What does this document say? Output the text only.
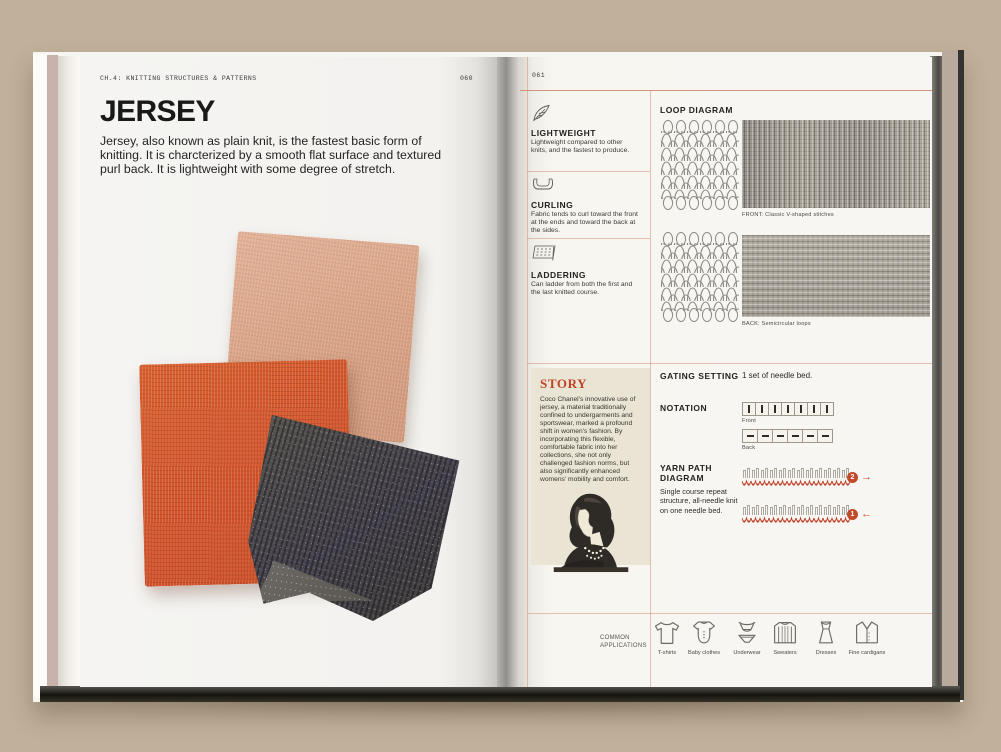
CH.4: KNITTING STRUCTURES & PATTERNS	060
JERSEY
Jersey, also known as plain knit, is the fastest basic form of knitting. It is charcterized by a smooth flat surface and textured purl back. It is lightweight with some degree of stretch.
061
LIGHTWEIGHT
Lightweight compared to other knits, and the fastest to produce.
CURLING
Fabric tends to curl toward the front at the ends and toward the back at the sides.
LADDERING
Can ladder from both the first and the last knitted course.
STORY
Coco Chanel's innovative use of jersey, a material traditionally confined to undergarments and sportswear, marked a profound shift in women's fashion. By incorporating this flexible, comfortable fabric into her collections, she not only challenged fashion norms, but also significantly enhanced womens' mobility and comfort.
LOOP DIAGRAM
FRONT: Classic V-shaped stitches
BACK: Semicircular loops
GATING SETTING 1 set of needle bed.
NOTATION
Front
Back
YARN PATH DIAGRAM
Single course repeat structure, all-needle knit on one needle bed.
2 →
1 ←
COMMON APPLICATIONS
T-shirts	Baby clothes	Underwear	Sweaters	Dresses	Fine cardigans
